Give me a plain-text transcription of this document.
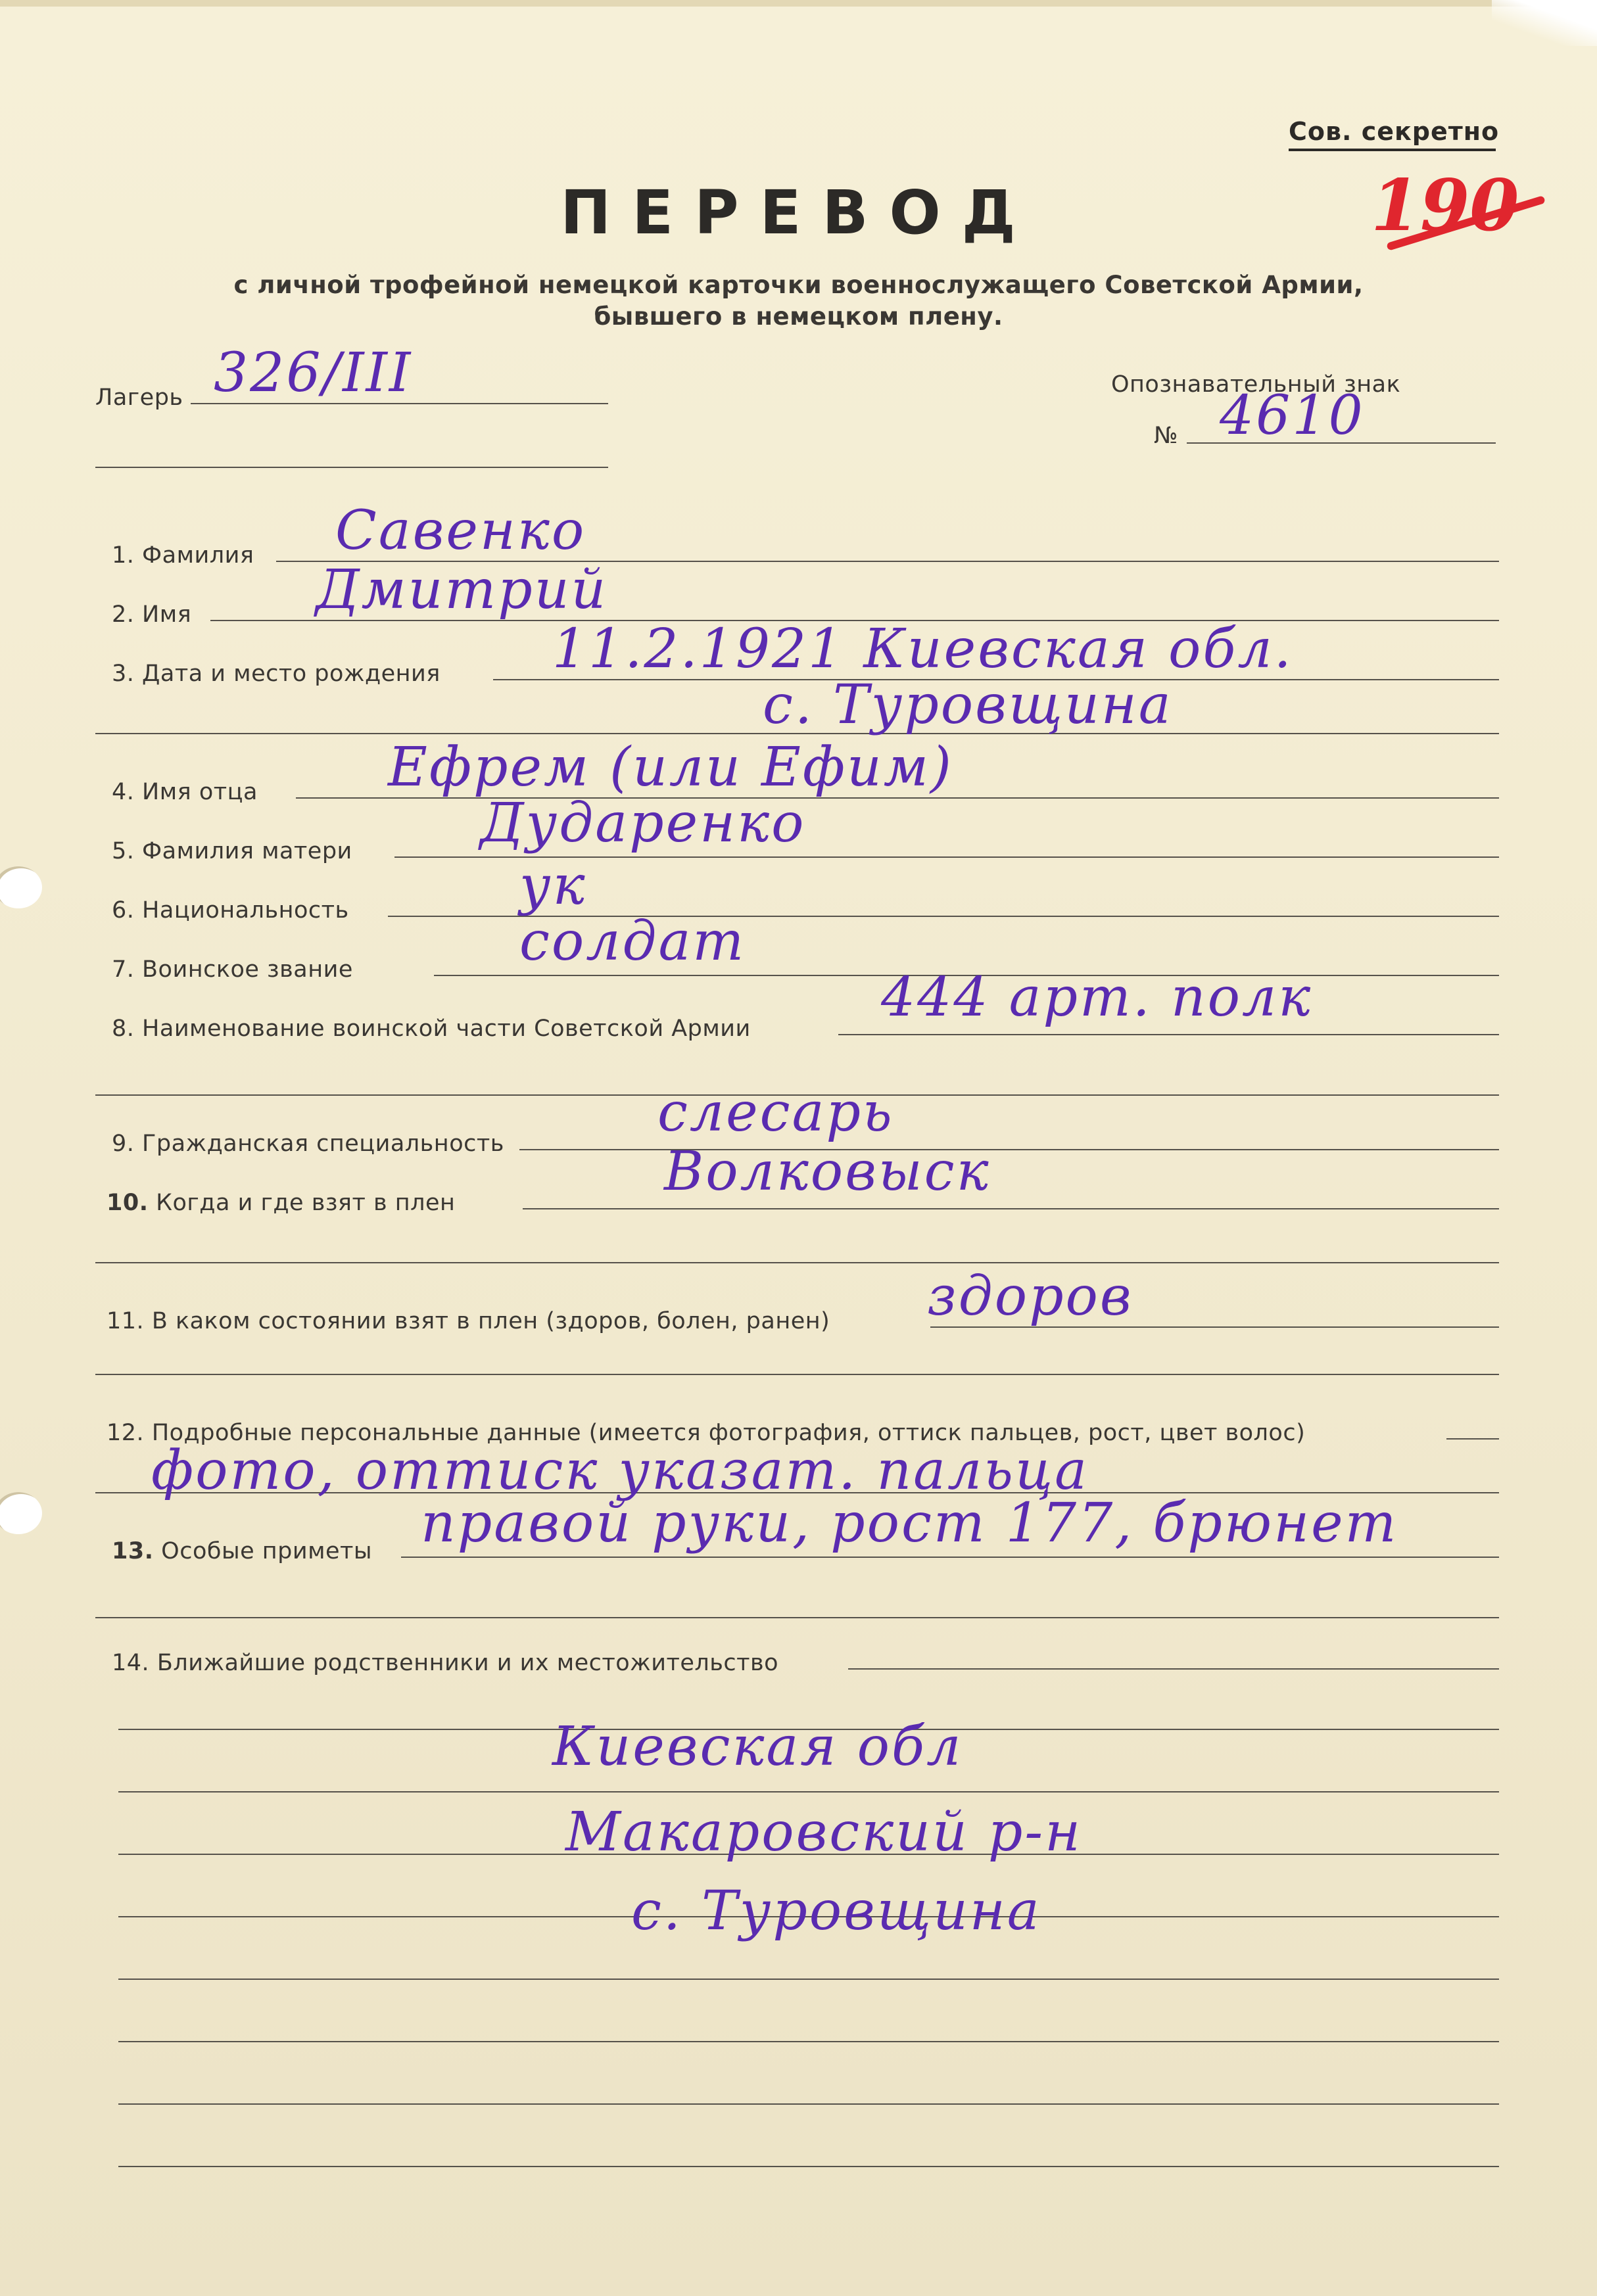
Сов. секретно
190
ПЕРЕВОД
с личной трофейной немецкой карточки военнослужащего Советской Армии,
бывшего в немецком плену.
Лагерь 326/III	Опознавательный знак
№ 4610
1. Фамилия Савенко
2. Имя Дмитрий
3. Дата и место рождения 11.2.1921 Киевская обл.
с. Туровщина
4. Имя отца Ефрем (или Ефим)
5. Фамилия матери Дударенко
6. Национальность	ук
7. Воинское звание	солдат
8. Наименование воинской части Советской Армии 444 арт. полк
9. Гражданская специальность	слесарь
10. Когда и где взят в плен	Волковыск
11. В каком состоянии взят в плен (здоров, болен, ранен) здоров
12. Подробные персональные данные (имеется фотография, оттиск пальцев, рост, цвет волос)
фото, оттиск указат. пальца
13. Особые приметы правой руки, рост 177, брюнет
14. Ближайшие родственники и их местожительство
Киевская обл
Макаровский р-н
с. Туровщина
